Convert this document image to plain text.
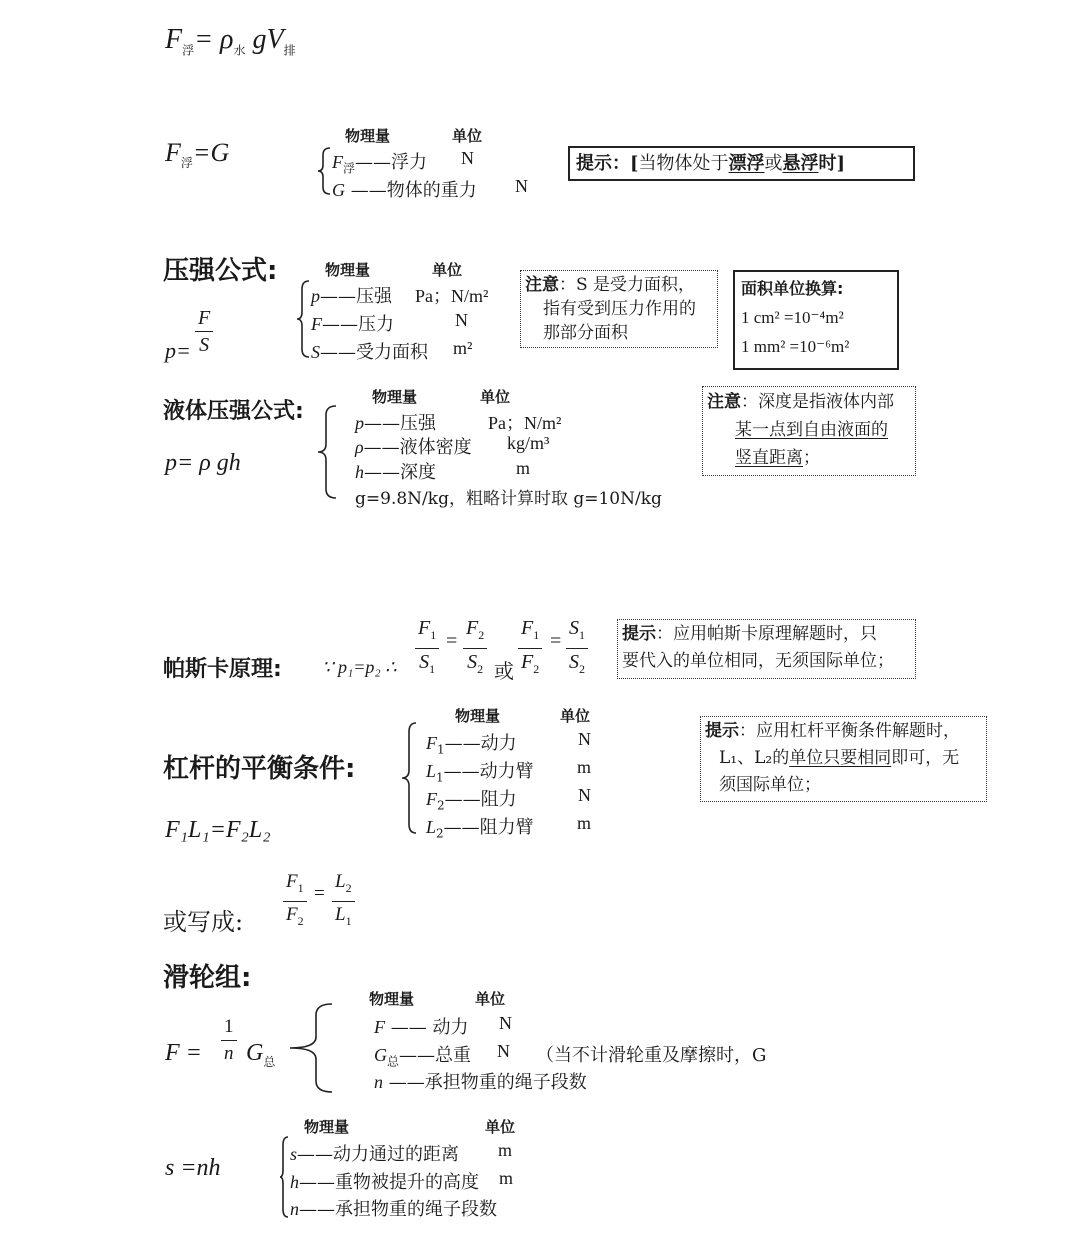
$F_浮= \rho_水$ $gV_排$
$F_浮=G$
物理量	单位
$F_浮——$浮力 N
G ——物体的重力 N
提示：[当物体处于漂浮或悬浮时]
压强公式:
$\frac{F}{S}$
p=
物理量	单位
p——压强 Pa；N/m²
F——压力	N
S——受力面积 m²
注意：S 是受力面积，
指有受到压力作用的
那部分面积
面积单位换算:
1 cm² =10⁻⁴m²
1 mm² =10⁻⁶m²
液体压强公式:
p= ρ gh
物理量	单位
p——压强	Pa；N/m²
ρ——液体密度 kg/m³
h——深度	m
g=9.8N/kg，粗略计算时取 g=10N/kg
注意：深度是指液体内部
某一点到自由液面的
竖直距离；
帕斯卡原理: ∵ p₁=p₂ ∴ $\frac{F_1}{S_1} = \frac{F_2}{S_2}$ 或 $\frac{F_1}{F_2} = \frac{S_1}{S_2}$ 提示：应用帕斯卡原理解题时，只
要代入的单位相同，无须国际单位；
杠杆的平衡条件:
F₁L₁=F₂L₂
物理量	单位
$F_1——$动力	N
$L_1——$动力臂 m
$F_2——$阻力	N
$L_2——$阻力臂 m
提示：应用杠杆平衡条件解题时，
L₁、L₂的单位只要相同即可，无
须国际单位；
或写成: $\frac{F_1}{F_2} = \frac{L_2}{L_1}$
滑轮组:
$F = \frac{1}{n} G_总$
物理量	单位
F —— 动力 N
$G_总——$总重 N （当不计滑轮重及摩擦时，G
n ——承担物重的绳子段数
s =nh
物理量	单位
s——动力通过的距离 m
h——重物被提升的高度 m
n——承担物重的绳子段数
